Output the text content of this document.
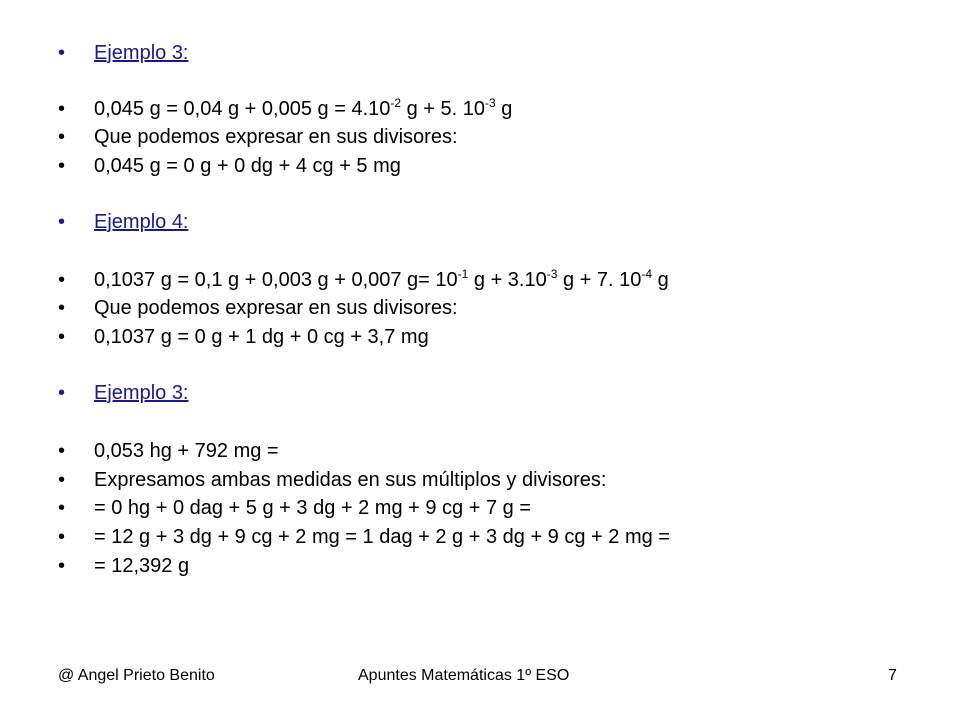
• Ejemplo 3:
• 0,045 g = 0,04 g + 0,005 $g = 4.10^{-2}$ g + 5. $10^{-3}$ g
• Que podemos expresar en sus divisores:
• 0,045 g = 0 g + 0 dg + 4 cg + 5 mg
• Ejemplo 4:
• 0,1037 g = 0,1 g + 0,003 g + 0,007 $g= 10^{-1}$ $g + 3.10^{-3}$ g + 7. $10^{-4}$ g
• Que podemos expresar en sus divisores:
• 0,1037 g = 0 g + 1 dg + 0 cg + 3,7 mg
• Ejemplo 3:
• 0,053 hg + 792 mg =
• Expresamos ambas medidas en sus múltiplos y divisores:
• = 0 hg + 0 dag + 5 g + 3 dg + 2 mg + 9 cg + 7 g =
• = 12 g + 3 dg + 9 cg + 2 mg = 1 dag + 2 g + 3 dg + 9 cg + 2 mg =
• = 12,392 g
@ Angel Prieto Benito	Apuntes Matemáticas 1º ESO	7
